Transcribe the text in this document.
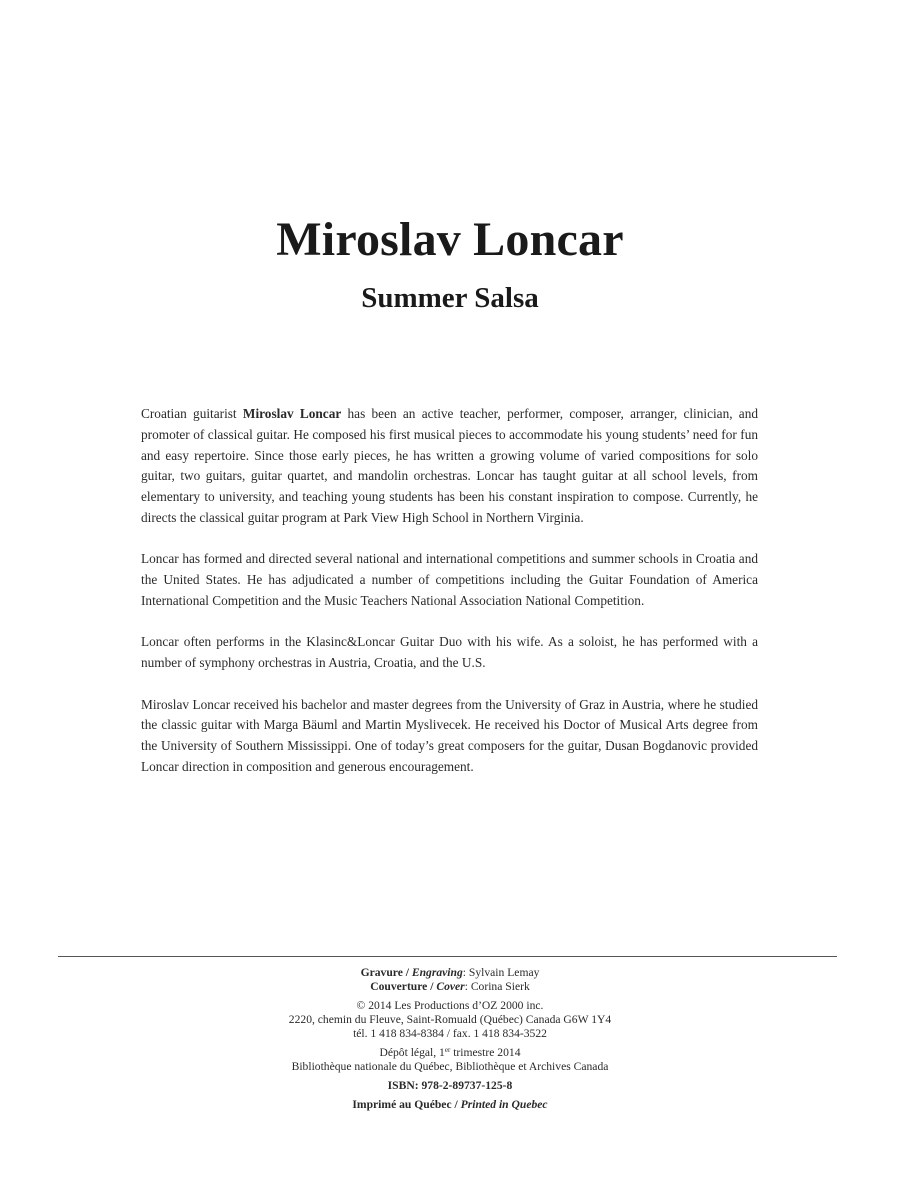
Miroslav Loncar
Summer Salsa

Croatian guitarist Miroslav Loncar has been an active teacher, performer, composer, arranger, clinician, and promoter of classical guitar. He composed his first musical pieces to accommodate his young students’ need for fun and easy repertoire. Since those early pieces, he has written a growing volume of varied compositions for solo guitar, two guitars, guitar quartet, and mandolin orchestras. Loncar has taught guitar at all school levels, from elementary to university, and teaching young students has been his constant inspiration to compose. Currently, he directs the classical guitar program at Park View High School in Northern Virginia.

Loncar has formed and directed several national and international competitions and summer schools in Croatia and the United States. He has adjudicated a number of competitions including the Guitar Foundation of America International Competition and the Music Teachers National Association National Competition.

Loncar often performs in the Klasinc&Loncar Guitar Duo with his wife. As a soloist, he has performed with a number of symphony orchestras in Austria, Croatia, and the U.S.

Miroslav Loncar received his bachelor and master degrees from the University of Graz in Austria, where he studied the classic guitar with Marga Bäuml and Martin Myslivecek. He received his Doctor of Musical Arts degree from the University of Southern Mississippi. One of today’s great composers for the guitar, Dusan Bogdanovic provided Loncar direction in composition and generous encouragement.

Gravure / Engraving: Sylvain Lemay
Couverture / Cover: Corina Sierk
© 2014 Les Productions d’OZ 2000 inc.
2220, chemin du Fleuve, Saint-Romuald (Québec) Canada G6W 1Y4
tél. 1 418 834-8384 / fax. 1 418 834-3522
Dépôt légal, 1er trimestre 2014
Bibliothèque nationale du Québec, Bibliothèque et Archives Canada
ISBN: 978-2-89737-125-8
Imprimé au Québec / Printed in Quebec
